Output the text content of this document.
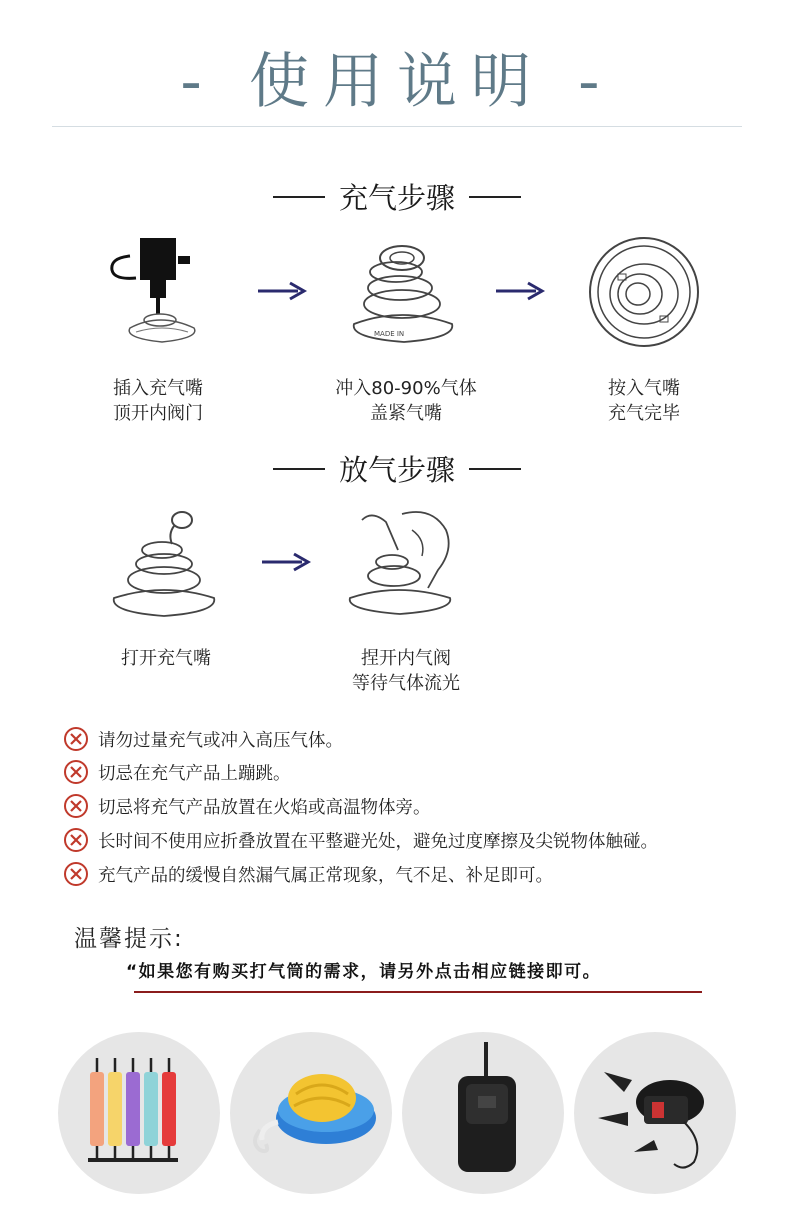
- 使用说明 -
充气步骤
MADE IN
插入充气嘴
顶开内阀门
冲入80-90%气体
盖紧气嘴
按入气嘴
充气完毕
放气步骤
打开充气嘴	捏开内气阀
等待气体流光
请勿过量充气或冲入高压气体。
切忌在充气产品上蹦跳。
切忌将充气产品放置在火焰或高温物体旁。
长时间不使用应折叠放置在平整避光处，避免过度摩擦及尖锐物体触碰。
充气产品的缓慢自然漏气属正常现象，气不足、补足即可。
温馨提示:
“如果您有购买打气筒的需求，请另外点击相应链接即可。
